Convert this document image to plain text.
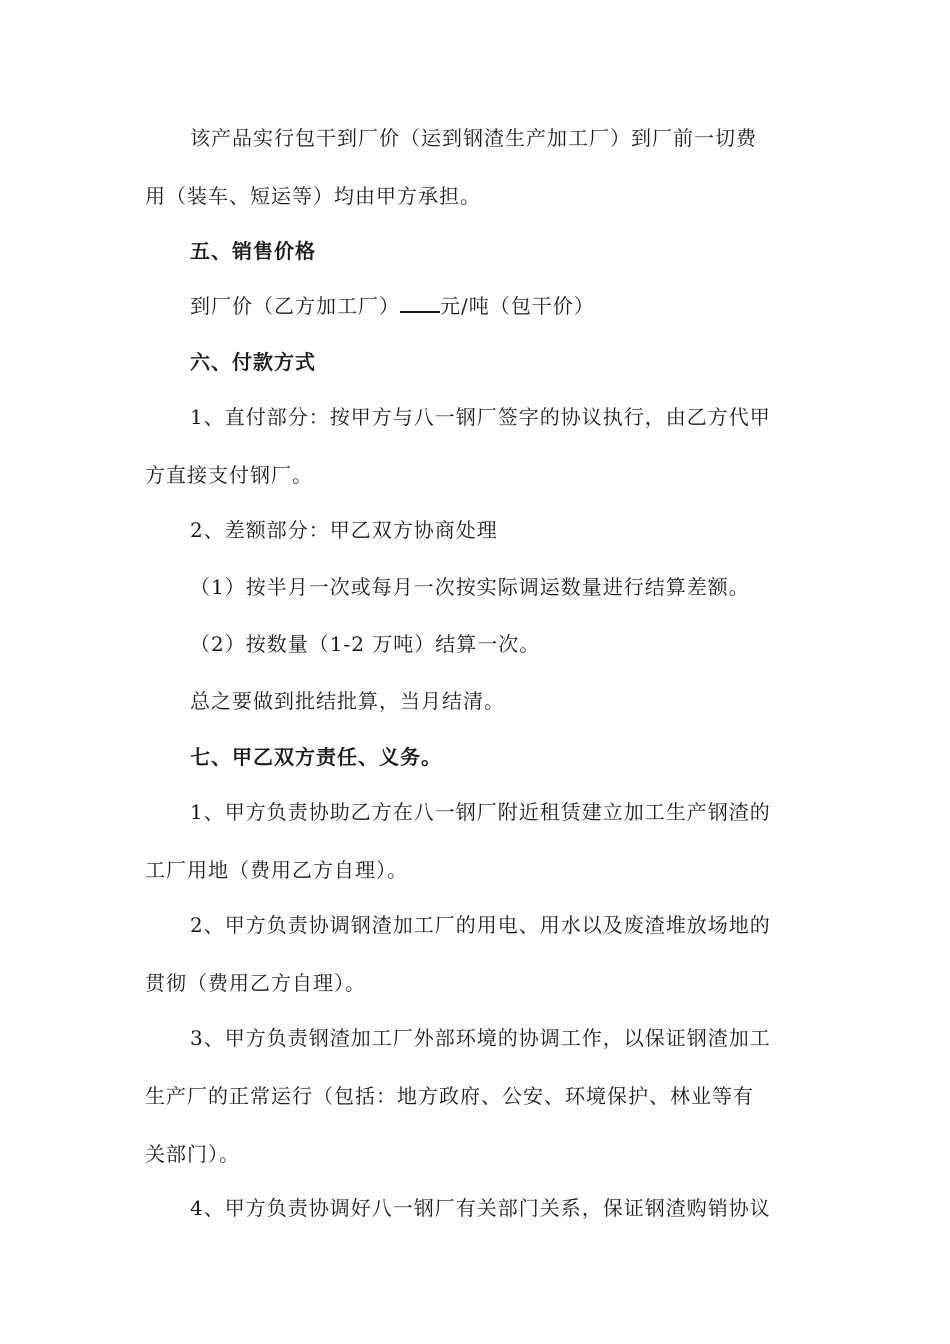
该产品实行包干到厂价（运到钢渣生产加工厂）到厂前一切费
用（装车、短运等）均由甲方承担。
五、销售价格
到厂价（乙方加工厂） 元/吨（包干价）
六、付款方式
1、直付部分：按甲方与八一钢厂签字的协议执行，由乙方代甲
方直接支付钢厂。
2、差额部分：甲乙双方协商处理
（1）按半月一次或每月一次按实际调运数量进行结算差额。
（2）按数量（1-2 万吨）结算一次。
总之要做到批结批算，当月结清。
七、甲乙双方责任、义务。
1、甲方负责协助乙方在八一钢厂附近租赁建立加工生产钢渣的
工厂用地（费用乙方自理）。
2、甲方负责协调钢渣加工厂的用电、用水以及废渣堆放场地的
贯彻（费用乙方自理）。
3、甲方负责钢渣加工厂外部环境的协调工作，以保证钢渣加工
生产厂的正常运行（包括：地方政府、公安、环境保护、林业等有
关部门）。
4、甲方负责协调好八一钢厂有关部门关系，保证钢渣购销协议
